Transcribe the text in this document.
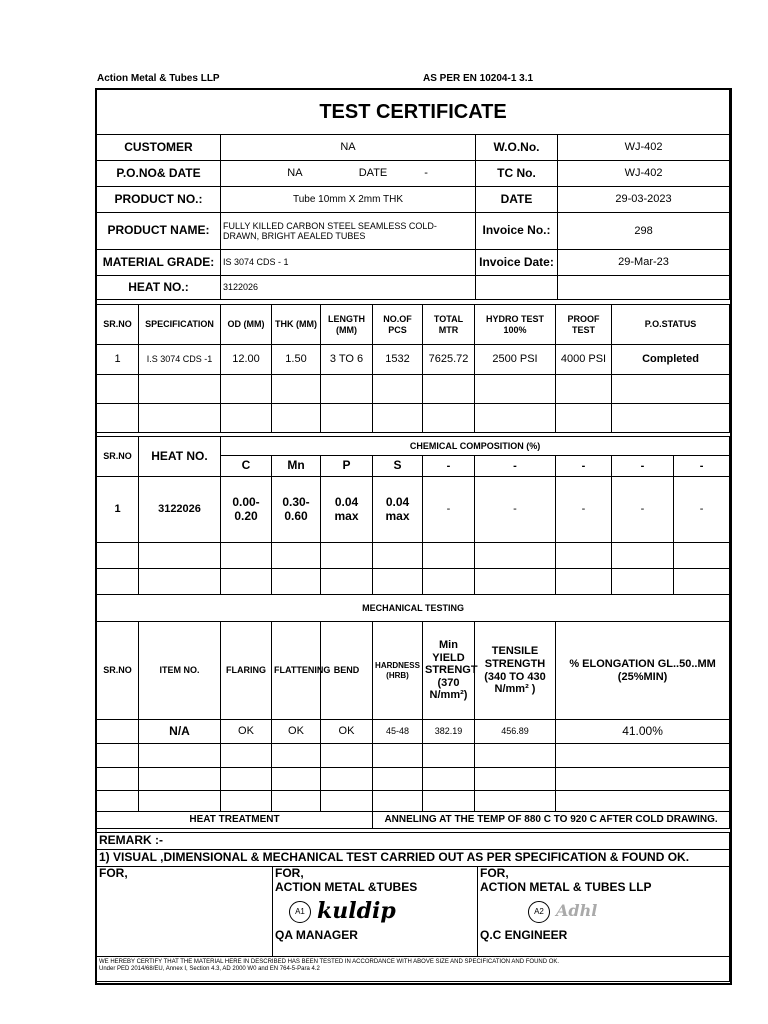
Action Metal & Tubes LLP	AS PER EN 10204-1 3.1
TEST CERTIFICATE			
CUSTOMER	NA	W.O.No.	WJ-402
P.O.NO& DATE	NA DATE -	TC No.	WJ-402
PRODUCT NO.:	Tube 10mm X 2mm THK	DATE	29-03-2023
PRODUCT NAME:	FULLY KILLED CARBON STEEL SEAMLESS COLD-DRAWN, BRIGHT AEALED TUBES	Invoice No.:	298
MATERIAL GRADE:	IS 3074 CDS - 1	Invoice Date:	29-Mar-23
HEAT NO.:	3122026		
SR.NO	SPECIFICATION	OD (MM)	THK (MM)	LENGTH (MM)	NO.OF PCS	TOTAL MTR	HYDRO TEST 100%	PROOF TEST	P.O.STATUS
1	I.S 3074 CDS -1	12.00	1.50	3 TO 6	1532	7625.72	2500 PSI	4000 PSI	Completed

SR.NO	HEAT NO.	CHEMICAL COMPOSITION (%)								
		C	Mn	P	S	-	-	-	-	-
1	3122026	0.00-0.20	0.30-0.60	0.04 max	0.04 max	-	-	-	-	-

MECHANICAL TESTING								
SR.NO	ITEM NO.	FLARING	FLATTENING	BEND	HARDNESS (HRB)	Min YIELD STRENGT (370 N/mm²)	TENSILE STRENGTH (340 TO 430 N/mm² )	% ELONGATION GL..50..MM (25%MIN)
	N/A	OK	OK	OK	45-48	382.19	456.89	41.00%

HEAT TREATMENT					ANNELING AT THE TEMP OF 880 C TO 920 C AFTER COLD DRAWING.			
REMARK :-
1) VISUAL ,DIMENSIONAL & MECHANICAL TEST CARRIED OUT AS PER SPECIFICATION & FOUND OK.

FOR,	FOR,
ACTION METAL &TUBES
A1 kuldip
QA MANAGER

FOR,
ACTION METAL & TUBES LLP
A2 Adhl
Q.C ENGINEER

WE HEREBY CERTIFY THAT THE MATERIAL HERE IN DESCRIBED HAS BEEN TESTED IN ACCORDANCE WITH ABOVE SIZE AND SPECIFICATION AND FOUND OK.
Under PED 2014/68/EU, Annex I, Section 4.3, AD 2000 W0 and EN 764-5-Para 4.2
